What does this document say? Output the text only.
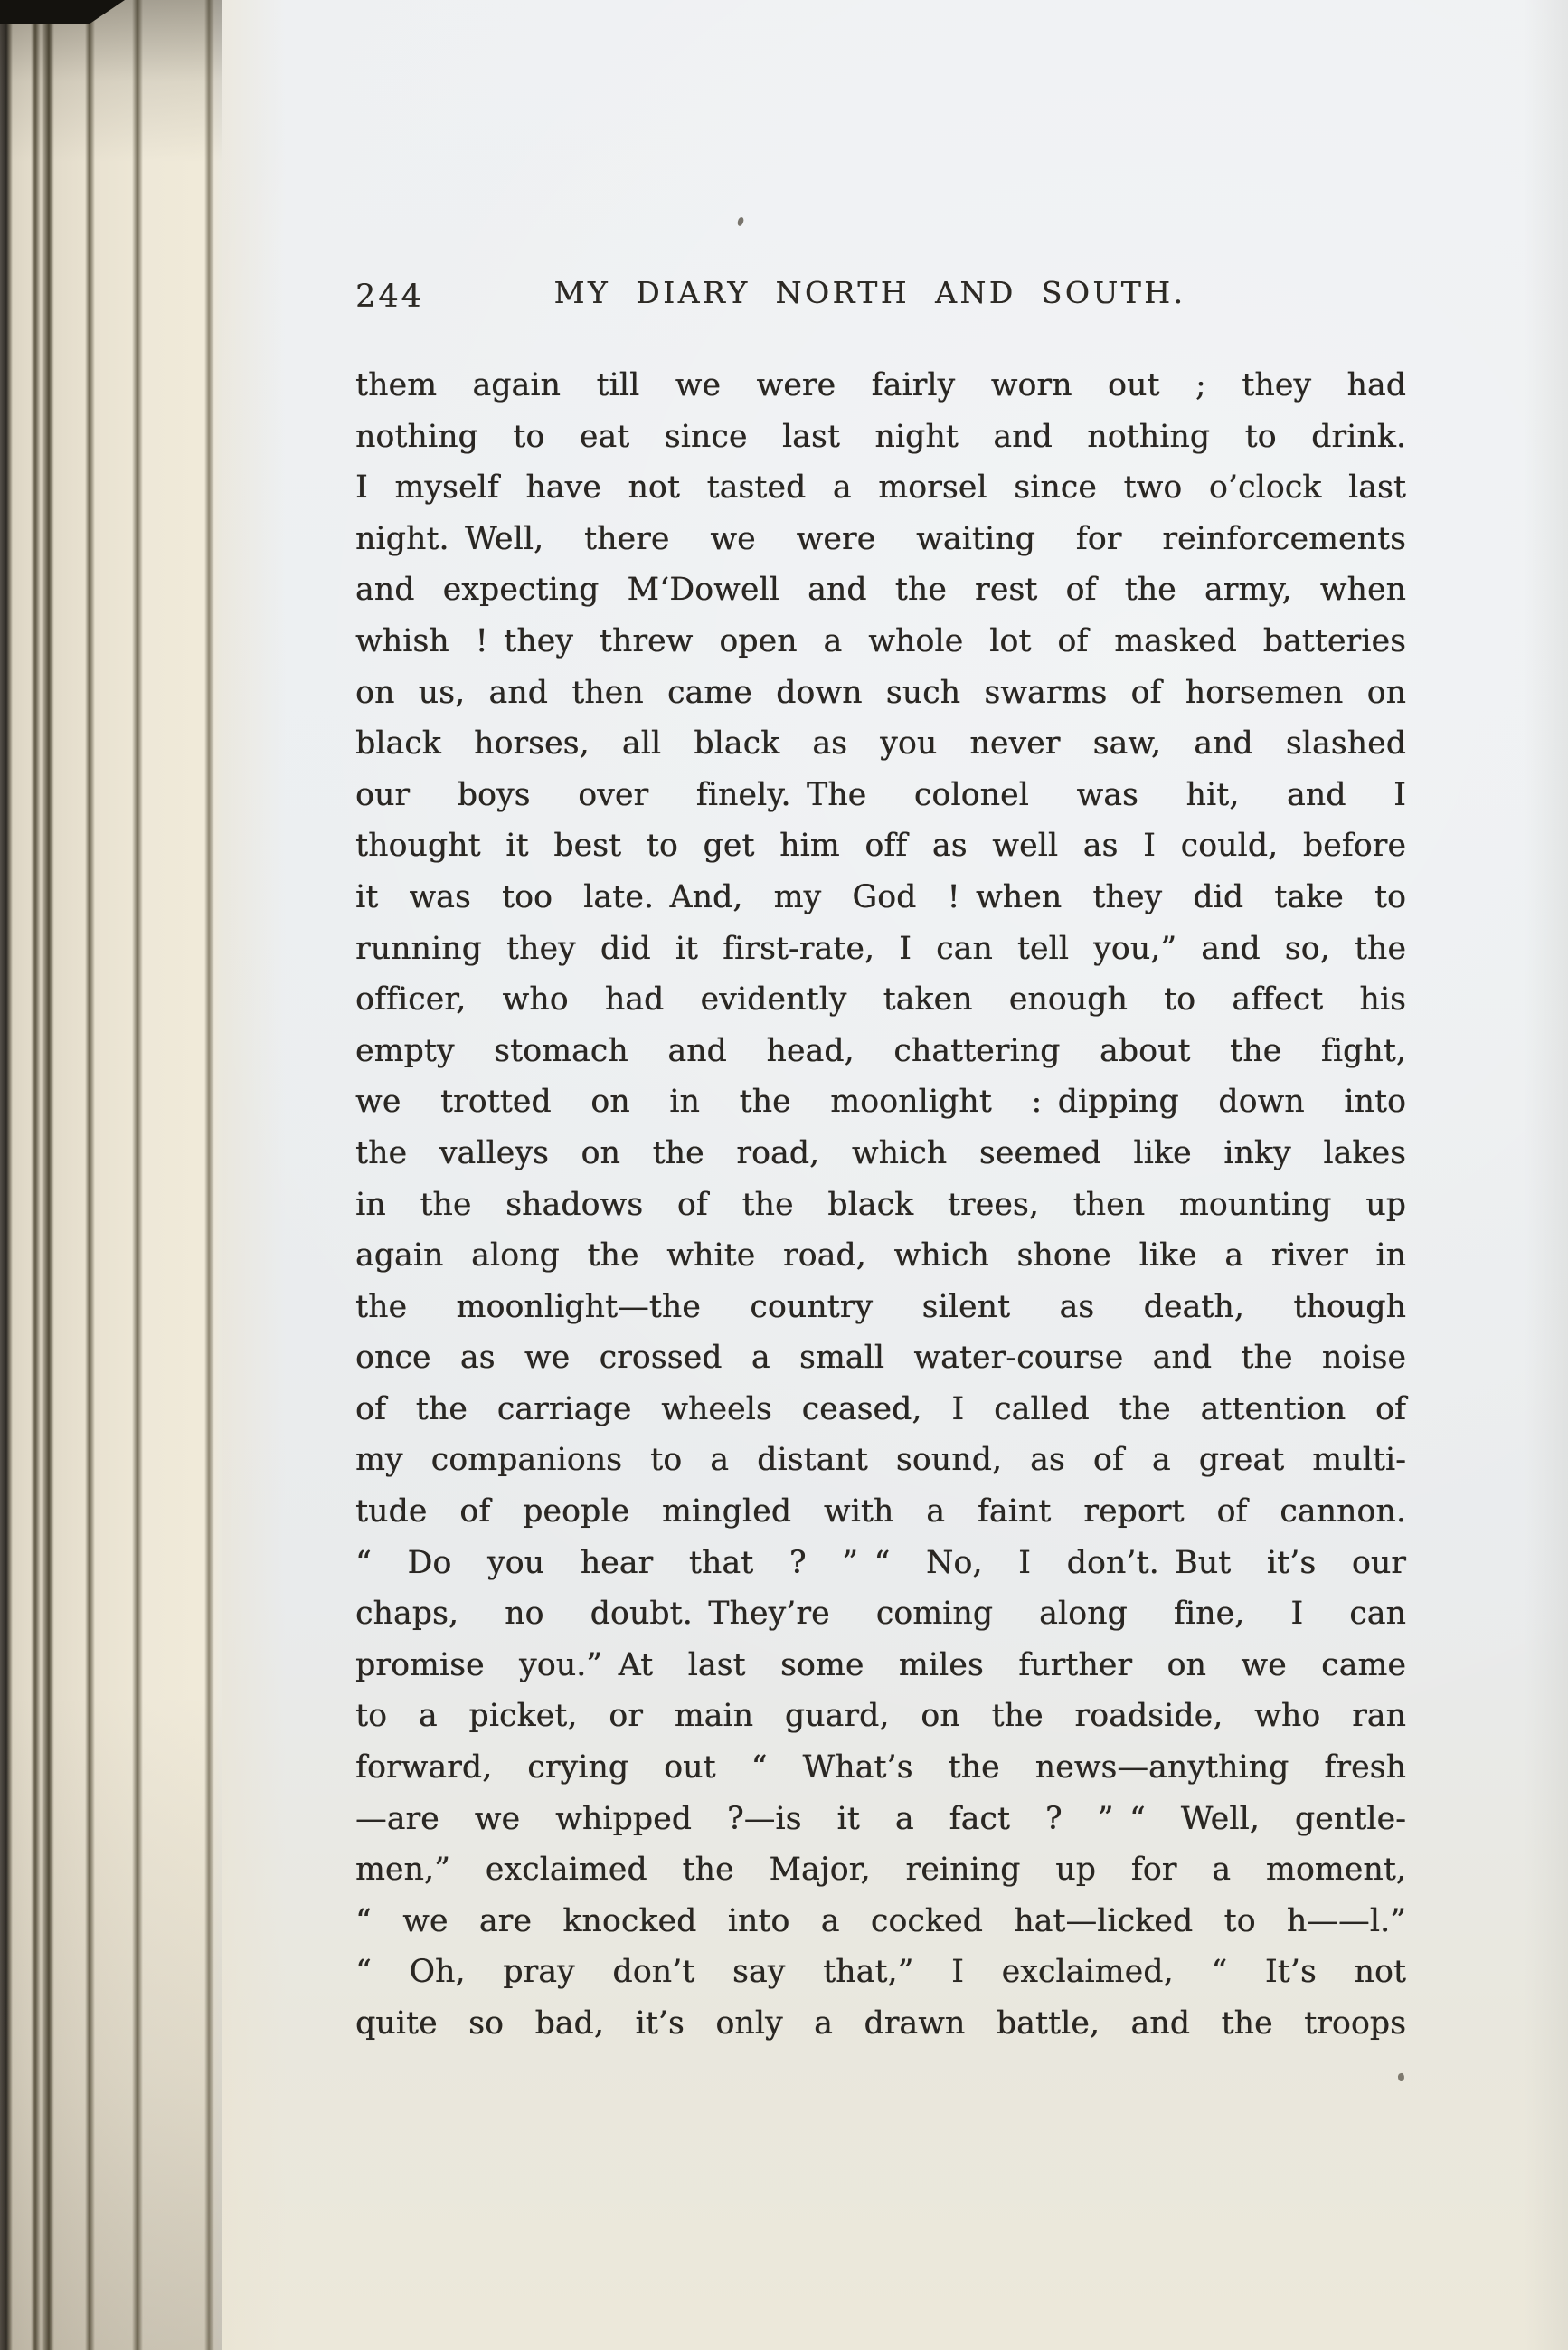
244	MY DIARY NORTH AND SOUTH.
them again till we were fairly worn out ; they had
nothing to eat since last night and nothing to drink.
I myself have not tasted a morsel since two o’clock last
night. Well, there we were waiting for reinforcements
and expecting M‘Dowell and the rest of the army, when
whish ! they threw open a whole lot of masked batteries
on us, and then came down such swarms of horsemen on
black horses, all black as you never saw, and slashed
our boys over finely. The colonel was hit, and I
thought it best to get him off as well as I could, before
it was too late. And, my God ! when they did take to
running they did it first-rate, I can tell you,” and so, the
officer, who had evidently taken enough to affect his
empty stomach and head, chattering about the fight,
we trotted on in the moonlight : dipping down into
the valleys on the road, which seemed like inky lakes
in the shadows of the black trees, then mounting up
again along the white road, which shone like a river in
the moonlight—the country silent as death, though
once as we crossed a small water-course and the noise
of the carriage wheels ceased, I called the attention of
my companions to a distant sound, as of a great multi-
tude of people mingled with a faint report of cannon.
“ Do you hear that ? ” “ No, I don’t. But it’s our
chaps, no doubt. They’re coming along fine, I can
promise you.” At last some miles further on we came
to a picket, or main guard, on the roadside, who ran
forward, crying out “ What’s the news—anything fresh
—are we whipped ?—is it a fact ? ” “ Well, gentle-
men,” exclaimed the Major, reining up for a moment,
“ we are knocked into a cocked hat—licked to h——l.”
“ Oh, pray don’t say that,” I exclaimed, “ It’s not
quite so bad, it’s only a drawn battle, and the troops
